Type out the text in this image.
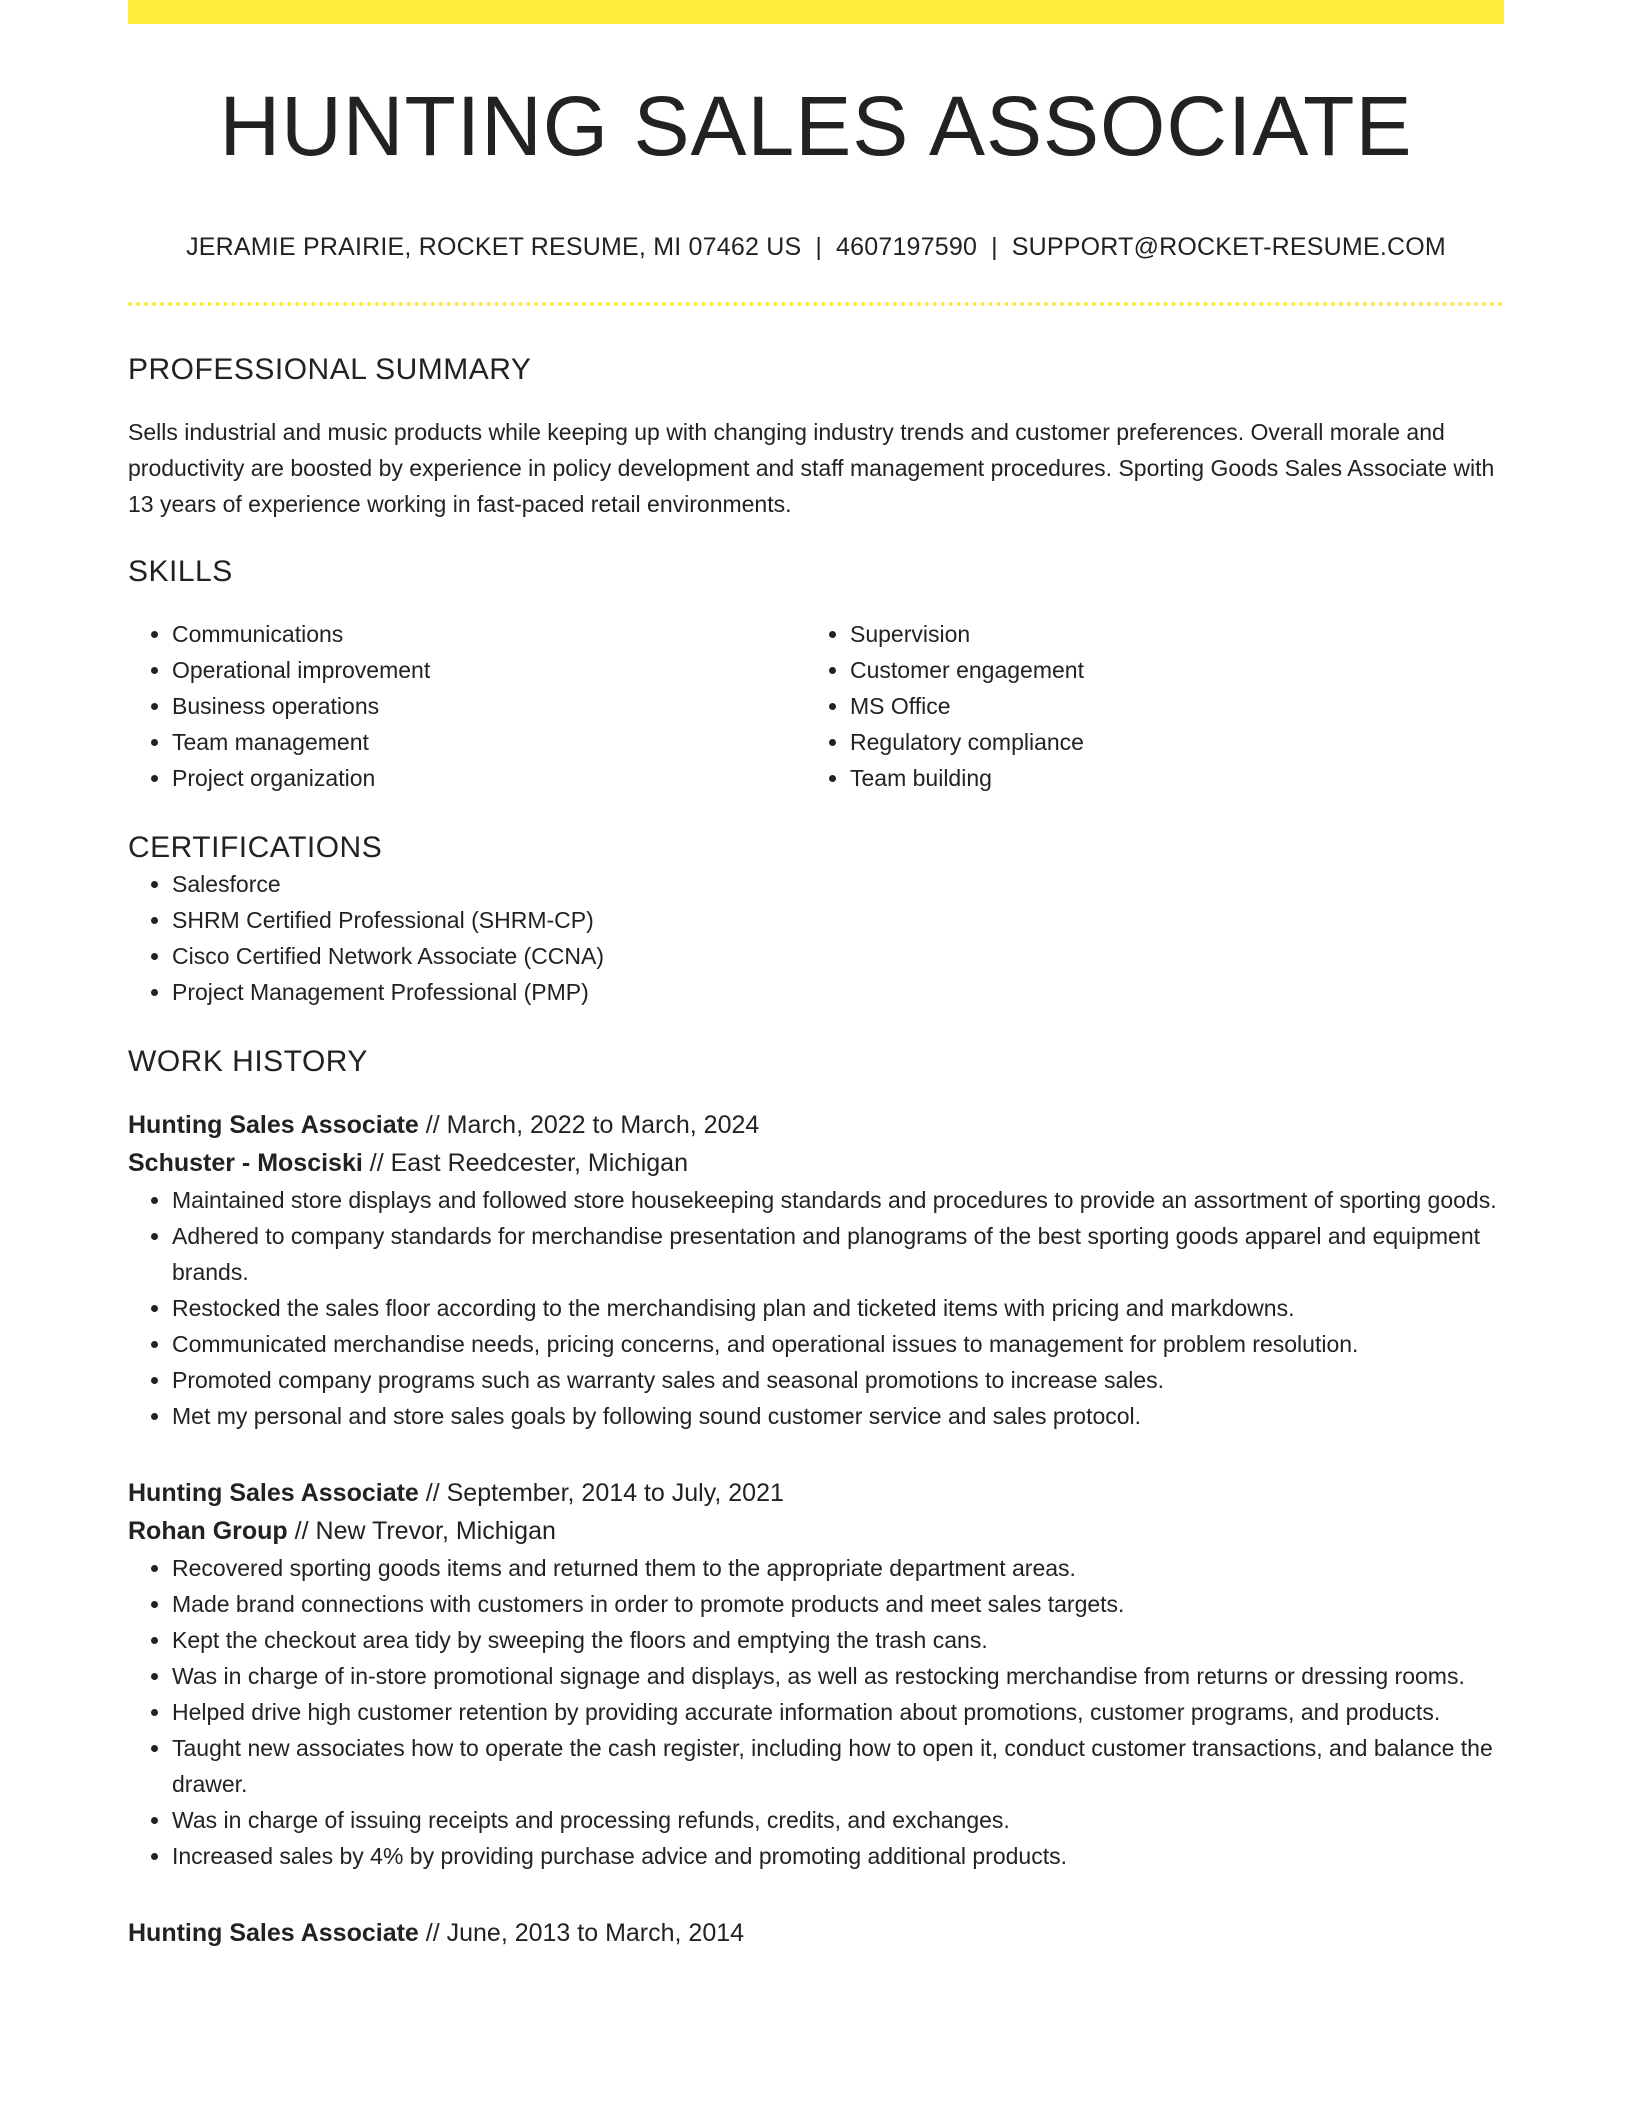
HUNTING SALES ASSOCIATE
JERAMIE PRAIRIE, ROCKET RESUME, MI 07462 US | 4607197590 | SUPPORT@ROCKET-RESUME.COM
PROFESSIONAL SUMMARY
Sells industrial and music products while keeping up with changing industry trends and customer preferences. Overall morale and productivity are boosted by experience in policy development and staff management procedures. Sporting Goods Sales Associate with 13 years of experience working in fast-paced retail environments.
SKILLS
• Communications
• Operational improvement
• Business operations
• Team management
• Project organization
• Supervision
• Customer engagement
• MS Office
• Regulatory compliance
• Team building
CERTIFICATIONS
• Salesforce
• SHRM Certified Professional (SHRM-CP)
• Cisco Certified Network Associate (CCNA)
• Project Management Professional (PMP)
WORK HISTORY
Hunting Sales Associate // March, 2022 to March, 2024
Schuster - Mosciski // East Reedcester, Michigan
• Maintained store displays and followed store housekeeping standards and procedures to provide an assortment of sporting goods.
• Adhered to company standards for merchandise presentation and planograms of the best sporting goods apparel and equipment brands.
• Restocked the sales floor according to the merchandising plan and ticketed items with pricing and markdowns.
• Communicated merchandise needs, pricing concerns, and operational issues to management for problem resolution.
• Promoted company programs such as warranty sales and seasonal promotions to increase sales.
• Met my personal and store sales goals by following sound customer service and sales protocol.
Hunting Sales Associate // September, 2014 to July, 2021
Rohan Group // New Trevor, Michigan
• Recovered sporting goods items and returned them to the appropriate department areas.
• Made brand connections with customers in order to promote products and meet sales targets.
• Kept the checkout area tidy by sweeping the floors and emptying the trash cans.
• Was in charge of in-store promotional signage and displays, as well as restocking merchandise from returns or dressing rooms.
• Helped drive high customer retention by providing accurate information about promotions, customer programs, and products.
• Taught new associates how to operate the cash register, including how to open it, conduct customer transactions, and balance the drawer.
• Was in charge of issuing receipts and processing refunds, credits, and exchanges.
• Increased sales by 4% by providing purchase advice and promoting additional products.
Hunting Sales Associate // June, 2013 to March, 2014
